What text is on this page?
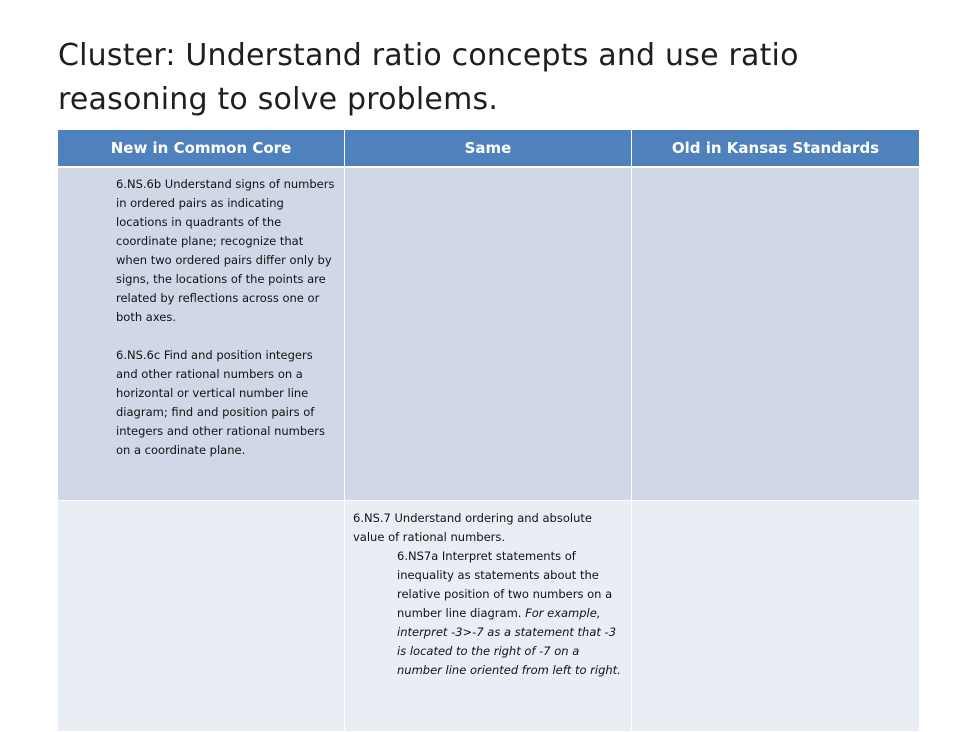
Cluster: Understand ratio concepts and use ratio reasoning to solve problems.
New in Common Core	Same	Old in Kansas Standards

6.NS.6b Understand signs of numbers in ordered pairs as indicating locations in quadrants of the coordinate plane; recognize that when two ordered pairs differ only by signs, the locations of the points are related by reflections across one or both axes.

6.NS.6c Find and position integers and other rational numbers on a horizontal or vertical number line diagram; find and position pairs of integers and other rational numbers on a coordinate plane.		

	6.NS.7 Understand ordering and absolute value of rational numbers.
6.NS7a Interpret statements of inequality as statements about the relative position of two numbers on a number line diagram. For example, interpret -3>-7 as a statement that -3 is located to the right of -7 on a number line oriented from left to right.	
